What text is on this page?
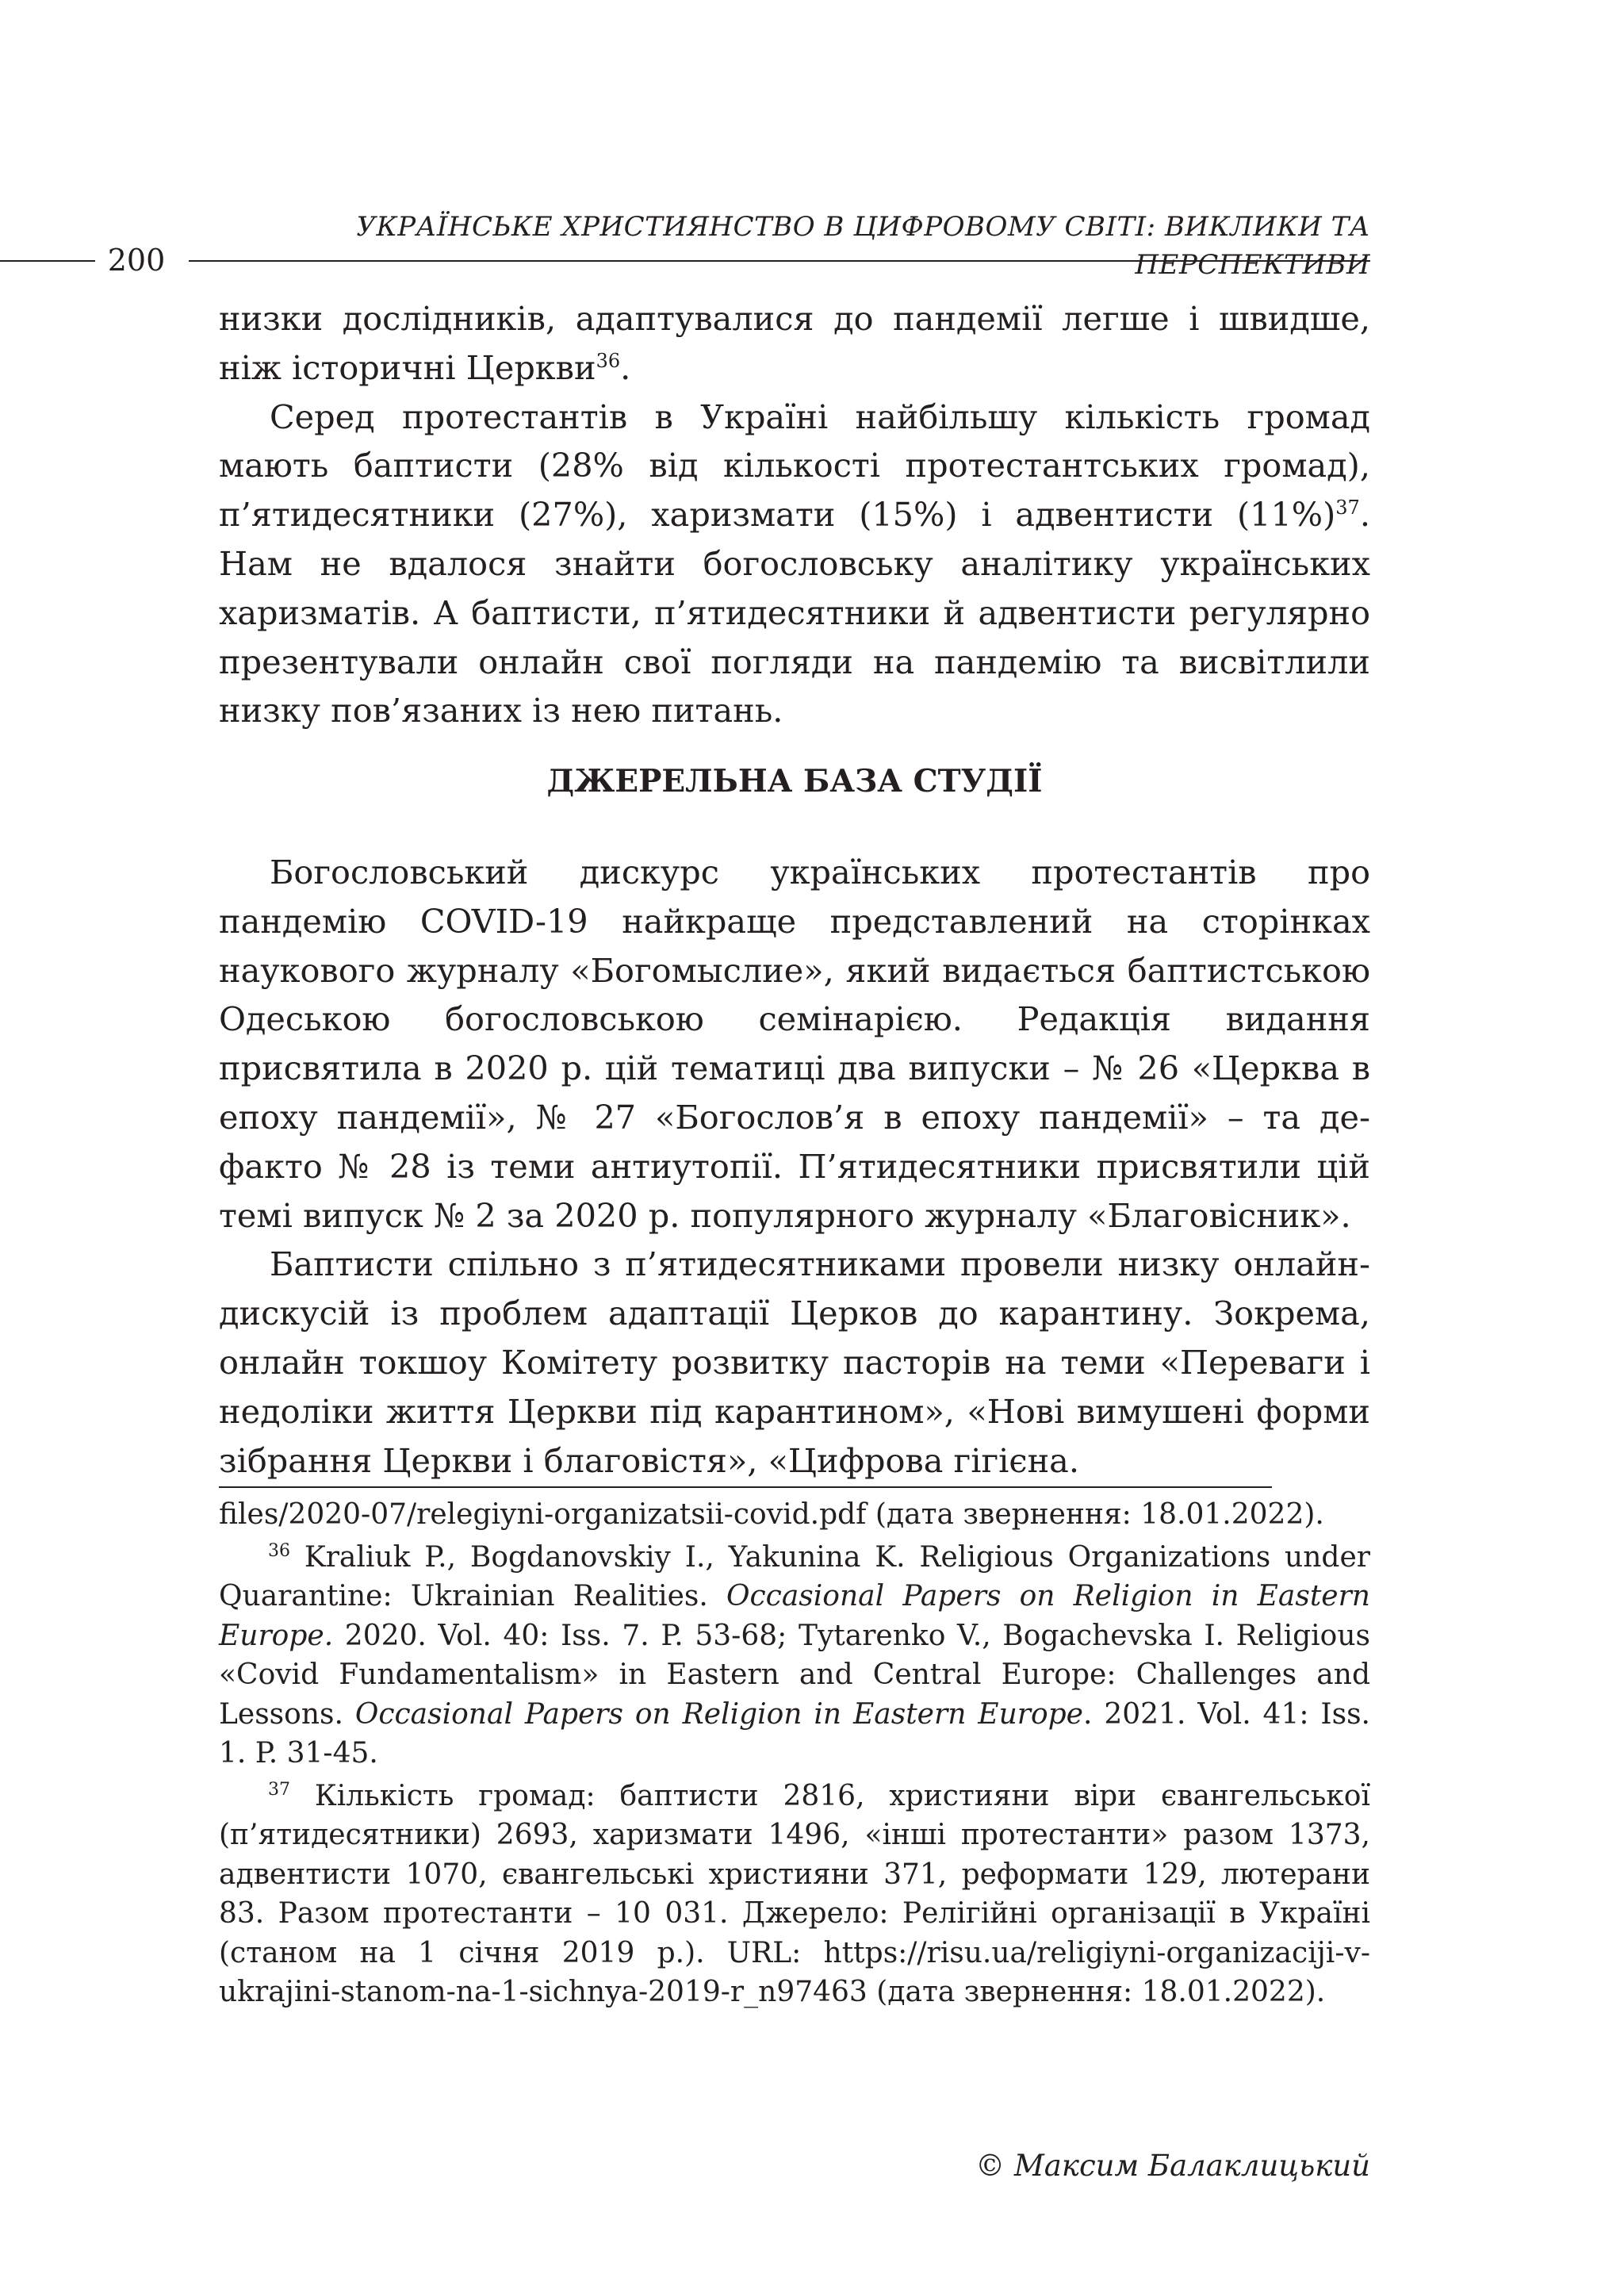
200
УКРАЇНСЬКЕ ХРИСТИЯНСТВО В ЦИФРОВОМУ СВІТІ: ВИКЛИКИ ТА ПЕРСПЕКТИВИ

низки дослідників, адаптувалися до пандемії легше і швидше, ніж історичні Церкви$^{36}$.

Серед протестантів в Україні найбільшу кількість громад мають баптисти (28% від кількості протестантських громад), п’ятидесятники (27%), харизмати (15%) і адвентисти $(11\%)^{37}$. Нам не вдалося знайти богословську аналітику українських харизматів. А баптисти, п’ятидесятники й адвентисти регулярно презентували онлайн свої погляди на пандемію та висвітлили низку пов’язаних із нею питань.

ДЖЕРЕЛЬНА БАЗА СТУДІЇ

Богословський дискурс українських протестантів про пандемію COVID-19 найкраще представлений на сторінках наукового журналу «Богомыслие», який видається баптистською Одеською богословською семінарією. Редакція видання присвятила в 2020 р. цій тематиці два випуски – № 26 «Церква в епоху пандемії», № 27 «Богослов’я в епоху пандемії» – та де-факто № 28 із теми антиутопії. П’ятидесятники присвятили цій темі випуск № 2 за 2020 р. популярного журналу «Благовісник».

Баптисти спільно з п’ятидесятниками провели низку онлайн-дискусій із проблем адаптації Церков до карантину. Зокрема, онлайн токшоу Комітету розвитку пасторів на теми «Переваги і недоліки життя Церкви під карантином», «Нові вимушені форми зібрання Церкви і благовістя», «Цифрова гігієна.

files/2020-07/relegiyni-organizatsii-covid.pdf (дата звернення: 18.01.2022).

$^{36}$ Kraliuk P., Bogdanovskiy I., Yakunina K. Religious Organizations under Quarantine: Ukrainian Realities. Occasional Papers on Religion in Eastern Europe. 2020. Vol. 40: Iss. 7. P. 53-68; Tytarenko V., Bogachevska I. Religious «Covid Fundamentalism» in Eastern and Central Europe: Challenges and Lessons. Occasional Papers on Religion in Eastern Europe. 2021. Vol. 41: Iss. 1. P. 31-45.

$^{37}$ Кількість громад: баптисти 2816, християни віри євангельської (п’ятидесятники) 2693, харизмати 1496, «інші протестанти» разом 1373, адвентисти 1070, євангельські християни 371, реформати 129, лютерани 83. Разом протестанти – 10 031. Джерело: Релігійні організації в Україні (станом на 1 січня 2019 р.). URL: https://risu.ua/religiyni-organizaciji-v-ukrajini-stanom-na-1-sichnya-2019-r_n97463 (дата звернення: 18.01.2022).

© Максим Балаклицький
